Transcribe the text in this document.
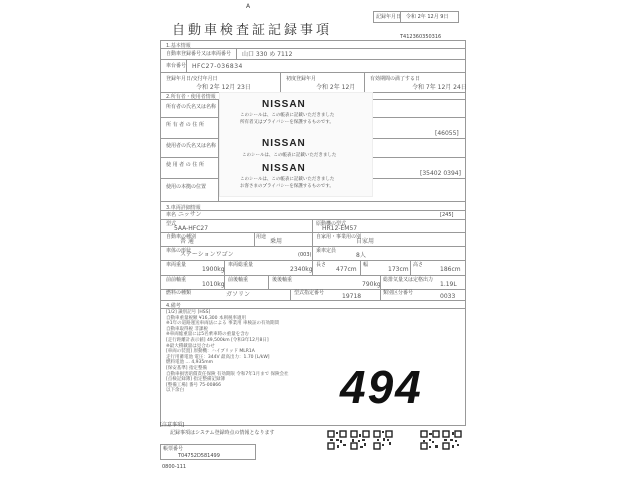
A
自動車検査証記録事項
記録年月日 令和 2年 12月 9日
T412360350316
1.基本情報
自動車登録番号又は車両番号 山口 330 め 7112
車台番号 HFC27-036834
登録年月日/交付年月日
令和 2年 12月 23日
初度登録年月
令和 2年 12月
有効期間の満了する日
令和 7年 12月 24日
2.所有者・使用者情報
所有者の氏名又は名称
所 有 者 の 住 所
[46055]
使用者の氏名又は名称
使 用 者 の 住 所
[35402 0394]
使用の本拠の位置
NISSAN
このシールは、この帳表に記載いただきました
所有者又はプライバシーを保護するものです。
NISSAN
このシールは、この帳表に記載いただきました
NISSAN
このシールは、この帳表に記載いただきました
お客さまのプライバシーを保護するものです。
3.車両詳細情報
車名 ニッサン	[245]
型式
5AA-HFC27
原動機の型式
HR12-EM57
自動車の種別
普 通
用途
乗用
自家用・事業用の別
自家用
車体の形状
ステーションワゴン	(003)
乗車定員
8人
車両重量
1900kg
車両総重量
2340kg
長さ
477cm
幅
173cm
高さ
186cm
前前軸重
1010kg
前後軸重	後後軸重
790kg
総排気量又は定格出力
1.19L
燃料の種類	ガソリン	型式指定番号	19718	類別区分番号	0033
4.備考
[1/2] 識別記号 [HSS]
自動車重量税額 ¥16,300 本則税率適用
※1年の道路運送車両法による 事業用 車検証の有効期間
自動車取得税 非課税
※車両総重量には5名乗車時の重量を含む
[走行距離計表示値] 49,500km [令和3年12月8日]
※最大積載量は見合わせ
[車両の装置] 原動機：ハイブリッド MLR1A
走行用蓄電池 電圧：344V 最高出力：1.70 [L/kW]
燃料電池 … 4,935mm
[保安基準] 指定整備
自動車損害賠償責任保険 有効期限 令和7年1月まで 保険会社
[点検記録簿] 指定整備記録簿
[整備工場] 番号 75-00866
以下余白	494
[注意事項]
記録事項はシステム登録時点の情報となります
帳票番号
T04752D581499
0800-111
